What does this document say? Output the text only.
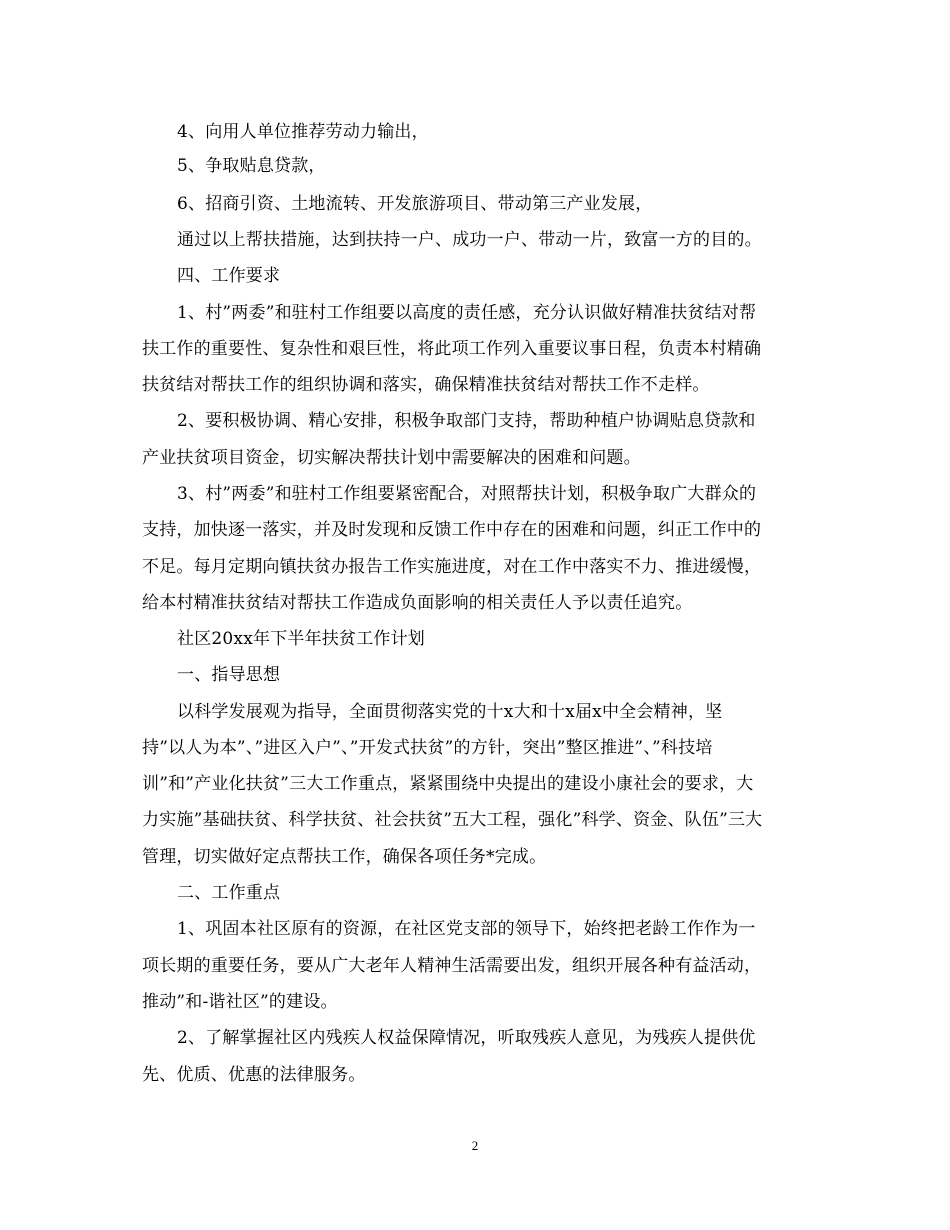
4、向用人单位推荐劳动力输出，
5、争取贴息贷款，
6、招商引资、土地流转、开发旅游项目、带动第三产业发展，
通过以上帮扶措施，达到扶持一户、成功一户、带动一片，致富一方的目的。
四、工作要求
1、村”两委”和驻村工作组要以高度的责任感，充分认识做好精准扶贫结对帮
扶工作的重要性、复杂性和艰巨性，将此项工作列入重要议事日程，负责本村精确
扶贫结对帮扶工作的组织协调和落实，确保精准扶贫结对帮扶工作不走样。
2、要积极协调、精心安排，积极争取部门支持，帮助种植户协调贴息贷款和
产业扶贫项目资金，切实解决帮扶计划中需要解决的困难和问题。
3、村”两委”和驻村工作组要紧密配合，对照帮扶计划，积极争取广大群众的
支持，加快逐一落实，并及时发现和反馈工作中存在的困难和问题，纠正工作中的
不足。每月定期向镇扶贫办报告工作实施进度，对在工作中落实不力、推进缓慢，
给本村精准扶贫结对帮扶工作造成负面影响的相关责任人予以责任追究。
社区20xx年下半年扶贫工作计划
一、指导思想
以科学发展观为指导，全面贯彻落实党的十x大和十x届x中全会精神，坚
持”以人为本”、”进区入户”、”开发式扶贫”的方针，突出”整区推进”、”科技培
训”和”产业化扶贫”三大工作重点，紧紧围绕中央提出的建设小康社会的要求，大
力实施”基础扶贫、科学扶贫、社会扶贫”五大工程，强化”科学、资金、队伍”三大
管理，切实做好定点帮扶工作，确保各项任务*完成。
二、工作重点
1、巩固本社区原有的资源，在社区党支部的领导下，始终把老龄工作作为一
项长期的重要任务，要从广大老年人精神生活需要出发，组织开展各种有益活动，
推动”和-谐社区”的建设。
2、了解掌握社区内残疾人权益保障情况，听取残疾人意见，为残疾人提供优
先、优质、优惠的法律服务。
2
